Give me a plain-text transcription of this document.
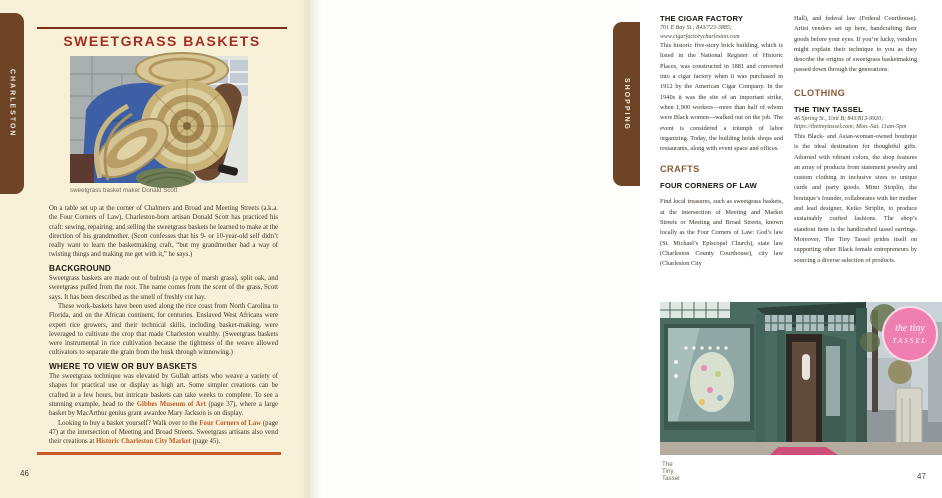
CHARLESTON
SWEETGRASS BASKETS
sweetgrass basket maker Donald Scott

On a table set up at the corner of Chalmers and Broad and Meeting Streets (a.k.a. the Four Corners of Law), Charleston-born artisan Donald Scott has practiced his craft: sewing, repairing, and selling the sweetgrass baskets he learned to make at the direction of his grandmother. (Scott confesses that his 9- or 10-year-old self didn’t really want to learn the basketmaking craft, “but my grandmother had a way of twisting things and making me get with it,” he says.)

BACKGROUND

Sweetgrass baskets are made out of bulrush (a type of marsh grass), split oak, and sweetgrass pulled from the root. The name comes from the scent of the grass, Scott says. It has been described as the smell of freshly cut hay.

These work-baskets have been used along the rice coast from North Carolina to Florida, and on the African continent, for centuries. Enslaved West Africans were expert rice growers, and their technical skills, including basket-making, were leveraged to cultivate the crop that made Charleston wealthy. (Sweetgrass baskets were instrumental in rice cultivation because the tightness of the weave allowed cultivators to separate the grain from the husk through winnowing.)

WHERE TO VIEW OR BUY BASKETS

The sweetgrass technique was elevated by Gullah artists who weave a variety of shapes for practical use or display as high art. Some simpler creations can be crafted in a few hours, but intricate baskets can take weeks to complete. To see a stunning example, head to the Gibbes Museum of Art (page 37), where a large basket by MacArthur genius grant awardee Mary Jackson is on display.

Looking to buy a basket yourself? Walk over to the Four Corners of Law (page 47) at the intersection of Meeting and Broad Streets. Sweetgrass artisans also vend their creations at Historic Charleston City Market (page 45).

46
SHOPPING

THE CIGAR FACTORY

701 E Bay St.; 843/723-3885; www.cigarfactorycharleston.com

This historic five-story brick building, which is listed in the National Register of Historic Places, was constructed in 1881 and converted into a cigar factory when it was purchased in 1912 by the American Cigar Company. In the 1940s it was the site of an important strike, when 1,900 workers—more than half of whom were Black women—walked out on the job. The event is considered a triumph of labor organizing. Today, the building holds shops and restaurants, along with event space and offices.

CRAFTS

FOUR CORNERS OF LAW

Find local treasures, such as sweetgrass baskets, at the intersection of Meeting and Market Streets or Meeting and Broad Streets, known locally as the Four Corners of Law: God’s law (St. Michael’s Episcopal Church), state law (Charleston County Courthouse), city law (Charleston City

Hall), and federal law (Federal Courthouse). Artist vendors set up here, handcrafting their goods before your eyes. If you’re lucky, vendors might explain their technique to you as they describe the origins of sweetgrass basketmaking passed down through the generations.

CLOTHING

THE TINY TASSEL

46 Spring St., Unit B; 843/813-9920; https://thetinytassel.com; Mon.-Sat. 11am-5pm

This Black- and Asian-woman-owned boutique is the ideal destination for thoughtful gifts. Adorned with vibrant colors, the shop features an array of products from statement jewelry and custom clothing in inclusive sizes to unique cards and party goods. Mimi Striplin, the boutique’s founder, collaborates with her mother and lead designer, Keiko Striplin, to produce sustainably crafted fashions. The shop’s standout item is the handcrafted tassel earrings. Moreover, The Tiny Tassel prides itself on supporting other Black female entrepreneurs by sourcing a diverse selection of products.

the tiny
TASSEL
The Tiny Tassel	47
